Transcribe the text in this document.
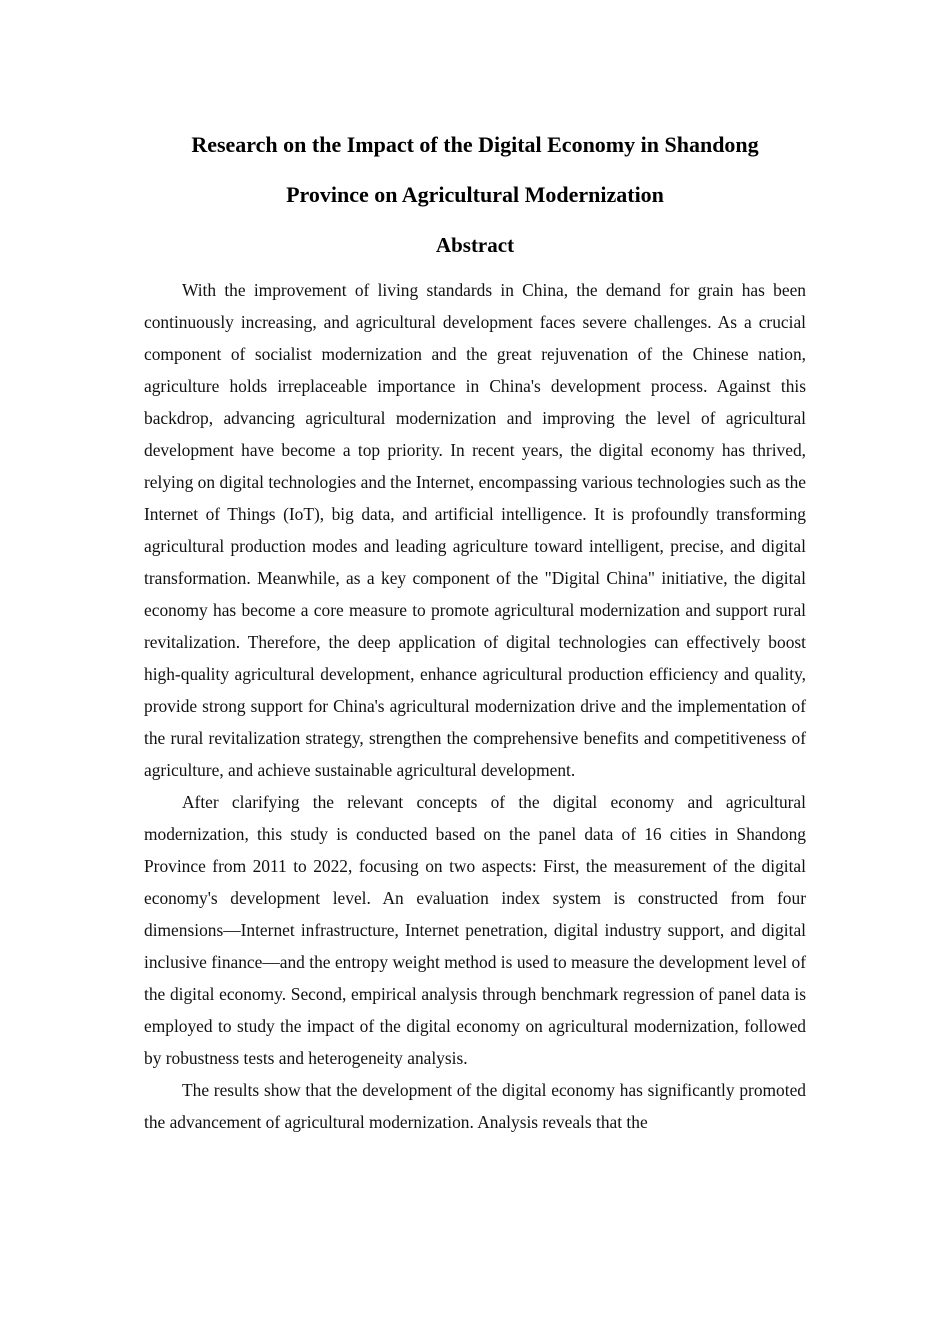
Research on the Impact of the Digital Economy in Shandong
Province on Agricultural Modernization
Abstract

With the improvement of living standards in China, the demand for grain has been continuously increasing, and agricultural development faces severe challenges. As a crucial component of socialist modernization and the great rejuvenation of the Chinese nation, agriculture holds irreplaceable importance in China's development process. Against this backdrop, advancing agricultural modernization and improving the level of agricultural development have become a top priority. In recent years, the digital economy has thrived, relying on digital technologies and the Internet, encompassing various technologies such as the Internet of Things (IoT), big data, and artificial intelligence. It is profoundly transforming agricultural production modes and leading agriculture toward intelligent, precise, and digital transformation. Meanwhile, as a key component of the "Digital China" initiative, the digital economy has become a core measure to promote agricultural modernization and support rural revitalization. Therefore, the deep application of digital technologies can effectively boost high-quality agricultural development, enhance agricultural production efficiency and quality, provide strong support for China's agricultural modernization drive and the implementation of the rural revitalization strategy, strengthen the comprehensive benefits and competitiveness of agriculture, and achieve sustainable agricultural development.

After clarifying the relevant concepts of the digital economy and agricultural modernization, this study is conducted based on the panel data of 16 cities in Shandong Province from 2011 to 2022, focusing on two aspects: First, the measurement of the digital economy's development level. An evaluation index system is constructed from four dimensions—Internet infrastructure, Internet penetration, digital industry support, and digital inclusive finance—and the entropy weight method is used to measure the development level of the digital economy. Second, empirical analysis through benchmark regression of panel data is employed to study the impact of the digital economy on agricultural modernization, followed by robustness tests and heterogeneity analysis.

The results show that the development of the digital economy has significantly promoted the advancement of agricultural modernization. Analysis reveals that the
